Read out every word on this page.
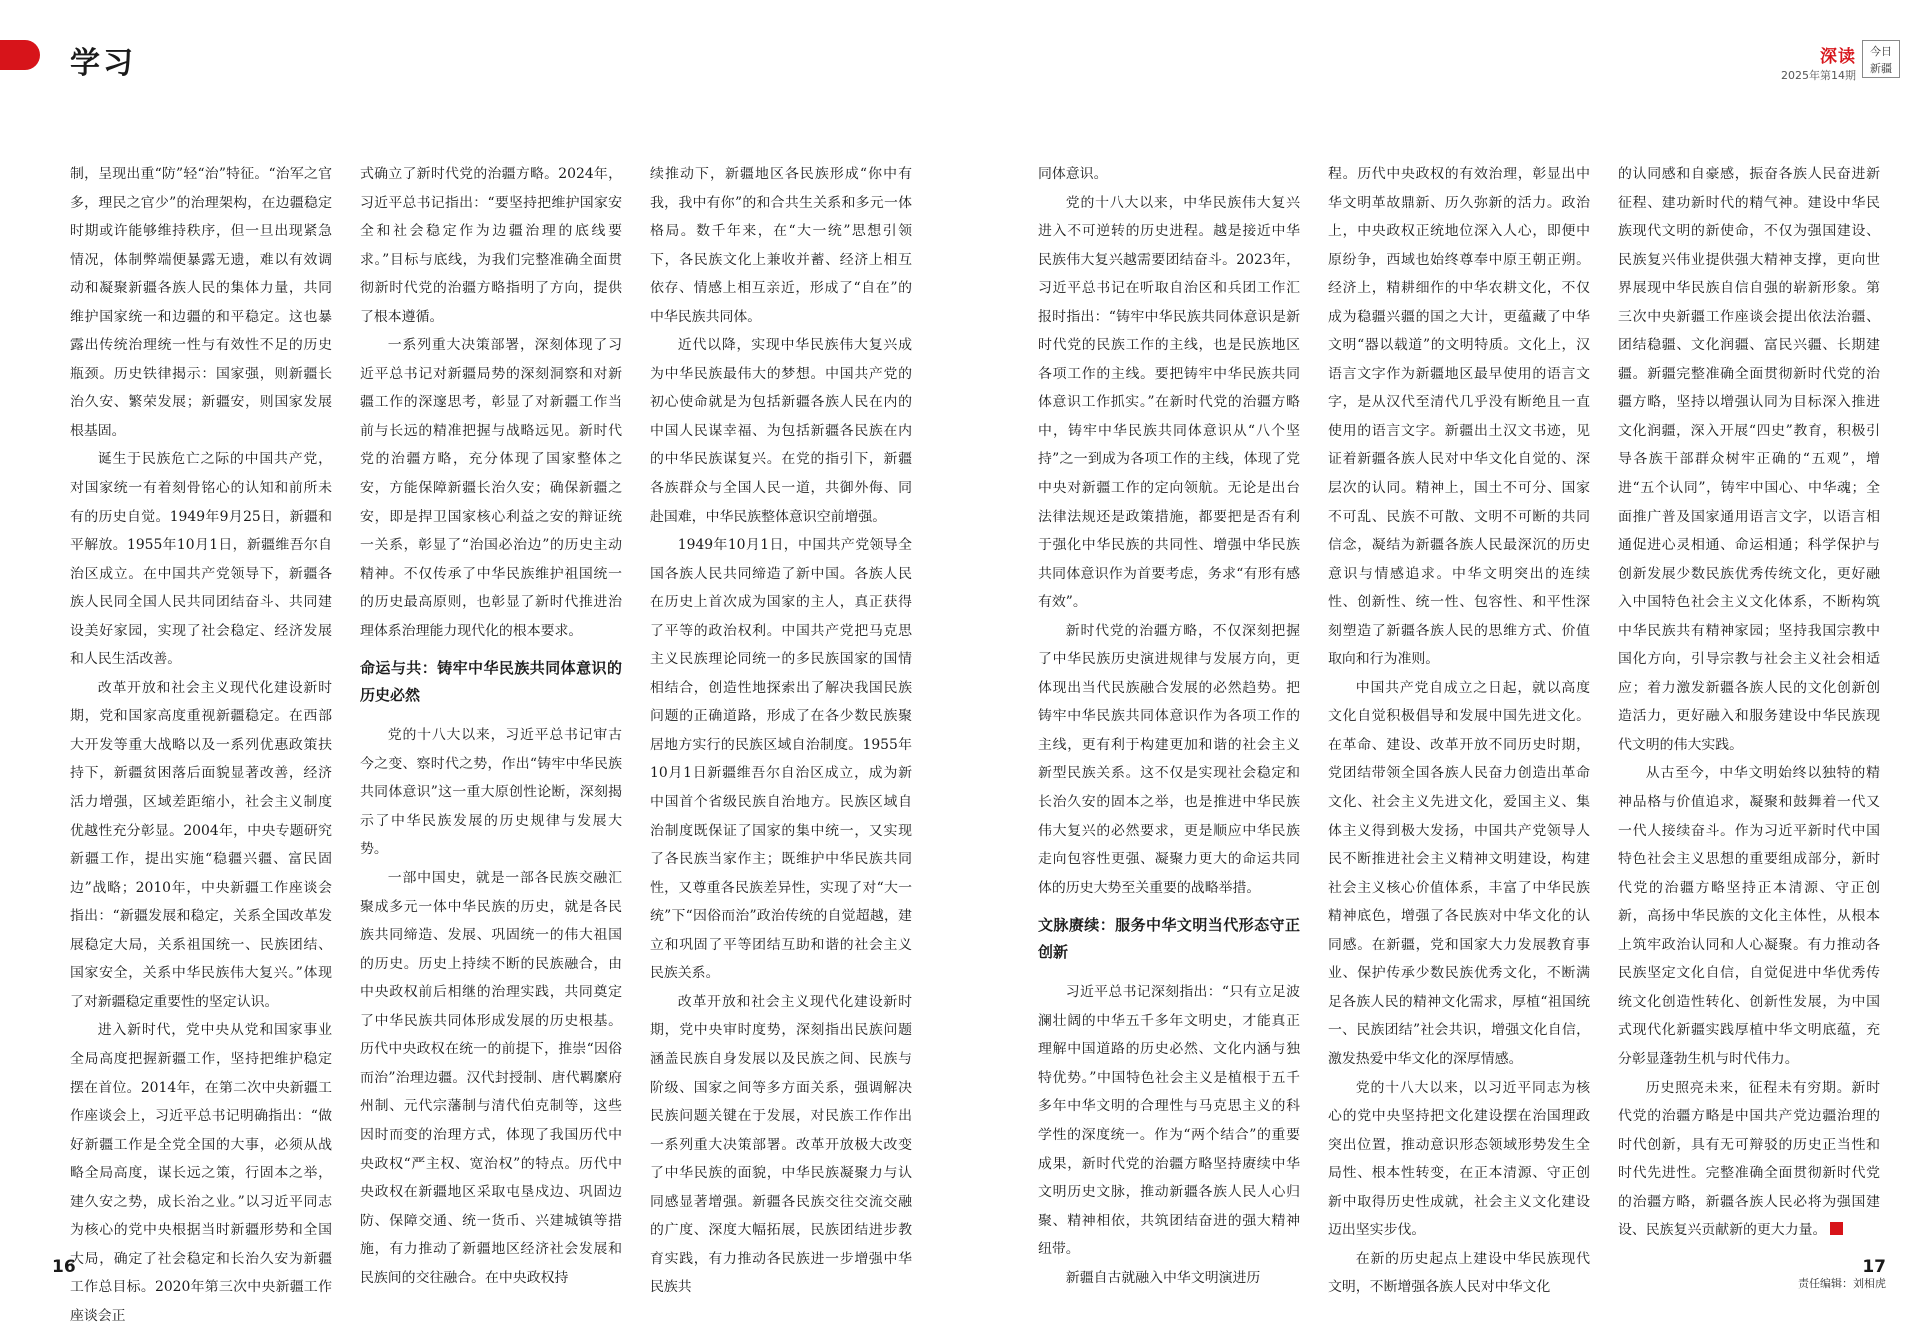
学习	深读
2025年第14期
今日
新疆

制，呈现出重“防”轻“治”特征。“治军之官多，理民之官少”的治理架构，在边疆稳定时期或许能够维持秩序，但一旦出现紧急情况，体制弊端便暴露无遗，难以有效调动和凝聚新疆各族人民的集体力量，共同维护国家统一和边疆的和平稳定。这也暴露出传统治理统一性与有效性不足的历史瓶颈。历史铁律揭示：国家强，则新疆长治久安、繁荣发展；新疆安，则国家发展根基固。

诞生于民族危亡之际的中国共产党，对国家统一有着刻骨铭心的认知和前所未有的历史自觉。1949年9月25日，新疆和平解放。1955年10月1日，新疆维吾尔自治区成立。在中国共产党领导下，新疆各族人民同全国人民共同团结奋斗、共同建设美好家园，实现了社会稳定、经济发展和人民生活改善。

改革开放和社会主义现代化建设新时期，党和国家高度重视新疆稳定。在西部大开发等重大战略以及一系列优惠政策扶持下，新疆贫困落后面貌显著改善，经济活力增强，区域差距缩小，社会主义制度优越性充分彰显。2004年，中央专题研究新疆工作，提出实施“稳疆兴疆、富民固边”战略；2010年，中央新疆工作座谈会指出：“新疆发展和稳定，关系全国改革发展稳定大局，关系祖国统一、民族团结、国家安全，关系中华民族伟大复兴。”体现了对新疆稳定重要性的坚定认识。

进入新时代，党中央从党和国家事业全局高度把握新疆工作，坚持把维护稳定摆在首位。2014年，在第二次中央新疆工作座谈会上，习近平总书记明确指出：“做好新疆工作是全党全国的大事，必须从战略全局高度，谋长远之策，行固本之举，建久安之势，成长治之业。”以习近平同志为核心的党中央根据当时新疆形势和全国大局，确定了社会稳定和长治久安为新疆工作总目标。2020年第三次中央新疆工作座谈会正

式确立了新时代党的治疆方略。2024年，习近平总书记指出：“要坚持把维护国家安全和社会稳定作为边疆治理的底线要求。”目标与底线，为我们完整准确全面贯彻新时代党的治疆方略指明了方向，提供了根本遵循。

一系列重大决策部署，深刻体现了习近平总书记对新疆局势的深刻洞察和对新疆工作的深邃思考，彰显了对新疆工作当前与长远的精准把握与战略远见。新时代党的治疆方略，充分体现了国家整体之安，方能保障新疆长治久安；确保新疆之安，即是捍卫国家核心利益之安的辩证统一关系，彰显了“治国必治边”的历史主动精神。不仅传承了中华民族维护祖国统一的历史最高原则，也彰显了新时代推进治理体系治理能力现代化的根本要求。

命运与共：铸牢中华民族共同体意识的历史必然

党的十八大以来，习近平总书记审古今之变、察时代之势，作出“铸牢中华民族共同体意识”这一重大原创性论断，深刻揭示了中华民族发展的历史规律与发展大势。

一部中国史，就是一部各民族交融汇聚成多元一体中华民族的历史，就是各民族共同缔造、发展、巩固统一的伟大祖国的历史。历史上持续不断的民族融合，由中央政权前后相继的治理实践，共同奠定了中华民族共同体形成发展的历史根基。历代中央政权在统一的前提下，推崇“因俗而治”治理边疆。汉代封授制、唐代羁縻府州制、元代宗藩制与清代伯克制等，这些因时而变的治理方式，体现了我国历代中央政权“严主权、宽治权”的特点。历代中央政权在新疆地区采取屯垦戍边、巩固边防、保障交通、统一货币、兴建城镇等措施，有力推动了新疆地区经济社会发展和民族间的交往融合。在中央政权持

续推动下，新疆地区各民族形成“你中有我，我中有你”的和合共生关系和多元一体格局。数千年来，在“大一统”思想引领下，各民族文化上兼收并蓄、经济上相互依存、情感上相互亲近，形成了“自在”的中华民族共同体。

近代以降，实现中华民族伟大复兴成为中华民族最伟大的梦想。中国共产党的初心使命就是为包括新疆各族人民在内的中国人民谋幸福、为包括新疆各民族在内的中华民族谋复兴。在党的指引下，新疆各族群众与全国人民一道，共御外侮、同赴国难，中华民族整体意识空前增强。

1949年10月1日，中国共产党领导全国各族人民共同缔造了新中国。各族人民在历史上首次成为国家的主人，真正获得了平等的政治权利。中国共产党把马克思主义民族理论同统一的多民族国家的国情相结合，创造性地探索出了解决我国民族问题的正确道路，形成了在各少数民族聚居地方实行的民族区域自治制度。1955年10月1日新疆维吾尔自治区成立，成为新中国首个省级民族自治地方。民族区域自治制度既保证了国家的集中统一，又实现了各民族当家作主；既维护中华民族共同性，又尊重各民族差异性，实现了对“大一统”下“因俗而治”政治传统的自觉超越，建立和巩固了平等团结互助和谐的社会主义民族关系。

改革开放和社会主义现代化建设新时期，党中央审时度势，深刻指出民族问题涵盖民族自身发展以及民族之间、民族与阶级、国家之间等多方面关系，强调解决民族问题关键在于发展，对民族工作作出一系列重大决策部署。改革开放极大改变了中华民族的面貌，中华民族凝聚力与认同感显著增强。新疆各民族交往交流交融的广度、深度大幅拓展，民族团结进步教育实践，有力推动各民族进一步增强中华民族共

同体意识。

党的十八大以来，中华民族伟大复兴进入不可逆转的历史进程。越是接近中华民族伟大复兴越需要团结奋斗。2023年，习近平总书记在听取自治区和兵团工作汇报时指出：“铸牢中华民族共同体意识是新时代党的民族工作的主线，也是民族地区各项工作的主线。要把铸牢中华民族共同体意识工作抓实。”在新时代党的治疆方略中，铸牢中华民族共同体意识从“八个坚持”之一到成为各项工作的主线，体现了党中央对新疆工作的定向领航。无论是出台法律法规还是政策措施，都要把是否有利于强化中华民族的共同性、增强中华民族共同体意识作为首要考虑，务求“有形有感有效”。

新时代党的治疆方略，不仅深刻把握了中华民族历史演进规律与发展方向，更体现出当代民族融合发展的必然趋势。把铸牢中华民族共同体意识作为各项工作的主线，更有利于构建更加和谐的社会主义新型民族关系。这不仅是实现社会稳定和长治久安的固本之举，也是推进中华民族伟大复兴的必然要求，更是顺应中华民族走向包容性更强、凝聚力更大的命运共同体的历史大势至关重要的战略举措。

文脉赓续：服务中华文明当代形态守正创新

习近平总书记深刻指出：“只有立足波澜壮阔的中华五千多年文明史，才能真正理解中国道路的历史必然、文化内涵与独特优势。”中国特色社会主义是植根于五千多年中华文明的合理性与马克思主义的科学性的深度统一。作为“两个结合”的重要成果，新时代党的治疆方略坚持赓续中华文明历史文脉，推动新疆各族人民人心归聚、精神相依，共筑团结奋进的强大精神纽带。

新疆自古就融入中华文明演进历

程。历代中央政权的有效治理，彰显出中华文明革故鼎新、历久弥新的活力。政治上，中央政权正统地位深入人心，即便中原纷争，西域也始终尊奉中原王朝正朔。经济上，精耕细作的中华农耕文化，不仅成为稳疆兴疆的国之大计，更蕴藏了中华文明“器以载道”的文明特质。文化上，汉语言文字作为新疆地区最早使用的语言文字，是从汉代至清代几乎没有断绝且一直使用的语言文字。新疆出土汉文书迹，见证着新疆各族人民对中华文化自觉的、深层次的认同。精神上，国土不可分、国家不可乱、民族不可散、文明不可断的共同信念，凝结为新疆各族人民最深沉的历史意识与情感追求。中华文明突出的连续性、创新性、统一性、包容性、和平性深刻塑造了新疆各族人民的思维方式、价值取向和行为准则。

中国共产党自成立之日起，就以高度文化自觉积极倡导和发展中国先进文化。在革命、建设、改革开放不同历史时期，党团结带领全国各族人民奋力创造出革命文化、社会主义先进文化，爱国主义、集体主义得到极大发扬，中国共产党领导人民不断推进社会主义精神文明建设，构建社会主义核心价值体系，丰富了中华民族精神底色，增强了各民族对中华文化的认同感。在新疆，党和国家大力发展教育事业、保护传承少数民族优秀文化，不断满足各族人民的精神文化需求，厚植“祖国统一、民族团结”社会共识，增强文化自信，激发热爱中华文化的深厚情感。

党的十八大以来，以习近平同志为核心的党中央坚持把文化建设摆在治国理政突出位置，推动意识形态领域形势发生全局性、根本性转变，在正本清源、守正创新中取得历史性成就，社会主义文化建设迈出坚实步伐。

在新的历史起点上建设中华民族现代文明，不断增强各族人民对中华文化

的认同感和自豪感，振奋各族人民奋进新征程、建功新时代的精气神。建设中华民族现代文明的新使命，不仅为强国建设、民族复兴伟业提供强大精神支撑，更向世界展现中华民族自信自强的崭新形象。第三次中央新疆工作座谈会提出依法治疆、团结稳疆、文化润疆、富民兴疆、长期建疆。新疆完整准确全面贯彻新时代党的治疆方略，坚持以增强认同为目标深入推进文化润疆，深入开展“四史”教育，积极引导各族干部群众树牢正确的“五观”，增进“五个认同”，铸牢中国心、中华魂；全面推广普及国家通用语言文字，以语言相通促进心灵相通、命运相通；科学保护与创新发展少数民族优秀传统文化，更好融入中国特色社会主义文化体系，不断构筑中华民族共有精神家园；坚持我国宗教中国化方向，引导宗教与社会主义社会相适应；着力激发新疆各族人民的文化创新创造活力，更好融入和服务建设中华民族现代文明的伟大实践。

从古至今，中华文明始终以独特的精神品格与价值追求，凝聚和鼓舞着一代又一代人接续奋斗。作为习近平新时代中国特色社会主义思想的重要组成部分，新时代党的治疆方略坚持正本清源、守正创新，高扬中华民族的文化主体性，从根本上筑牢政治认同和人心凝聚。有力推动各民族坚定文化自信，自觉促进中华优秀传统文化创造性转化、创新性发展，为中国式现代化新疆实践厚植中华文明底蕴，充分彰显蓬勃生机与时代伟力。

历史照亮未来，征程未有穷期。新时代党的治疆方略是中国共产党边疆治理的时代创新，具有无可辩驳的历史正当性和时代先进性。完整准确全面贯彻新时代党的治疆方略，新疆各族人民必将为强国建设、民族复兴贡献新的更大力量。

16	17
责任编辑：刘相虎
